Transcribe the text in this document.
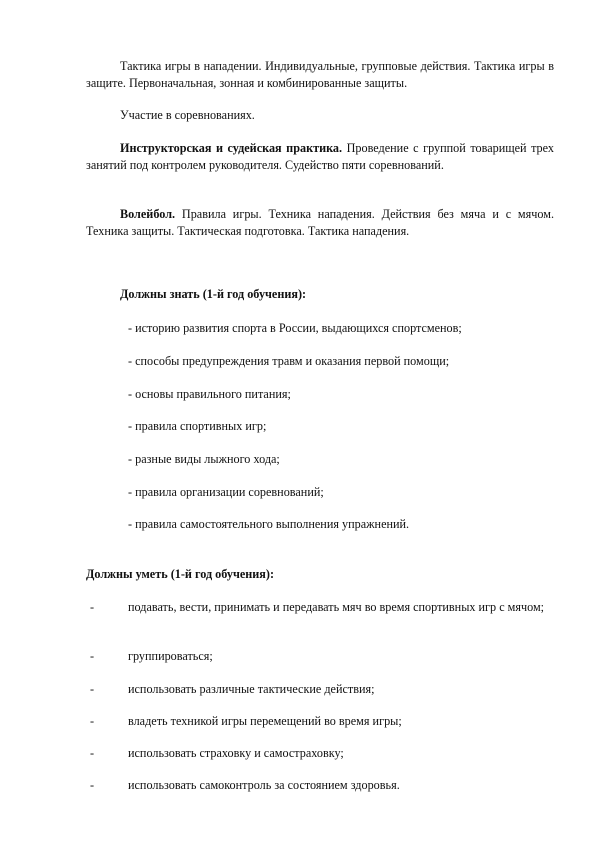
Тактика игры в нападении. Индивидуальные, групповые действия. Тактика игры в защите. Первоначальная, зонная и комбинированные защиты.

Участие в соревнованиях.

Инструкторская и судейская практика. Проведение с группой товарищей трех занятий под контролем руководителя. Судейство пяти соревнований.

Волейбол. Правила игры. Техника нападения. Действия без мяча и с мячом. Техника защиты. Тактическая подготовка. Тактика нападения.

Должны знать (1-й год обучения):

- историю развития спорта в России, выдающихся спортсменов;

- способы предупреждения травм и оказания первой помощи;

- основы правильного питания;

- правила спортивных игр;

- разные виды лыжного хода;

- правила организации соревнований;

- правила самостоятельного выполнения упражнений.

Должны уметь (1-й год обучения):

-	подавать, вести, принимать и передавать мяч во время спортивных игр с мячом;
-	группироваться;
-	использовать различные тактические действия;
-	владеть техникой игры перемещений во время игры;
-	использовать страховку и самостраховку;
-	использовать самоконтроль за состоянием здоровья.
